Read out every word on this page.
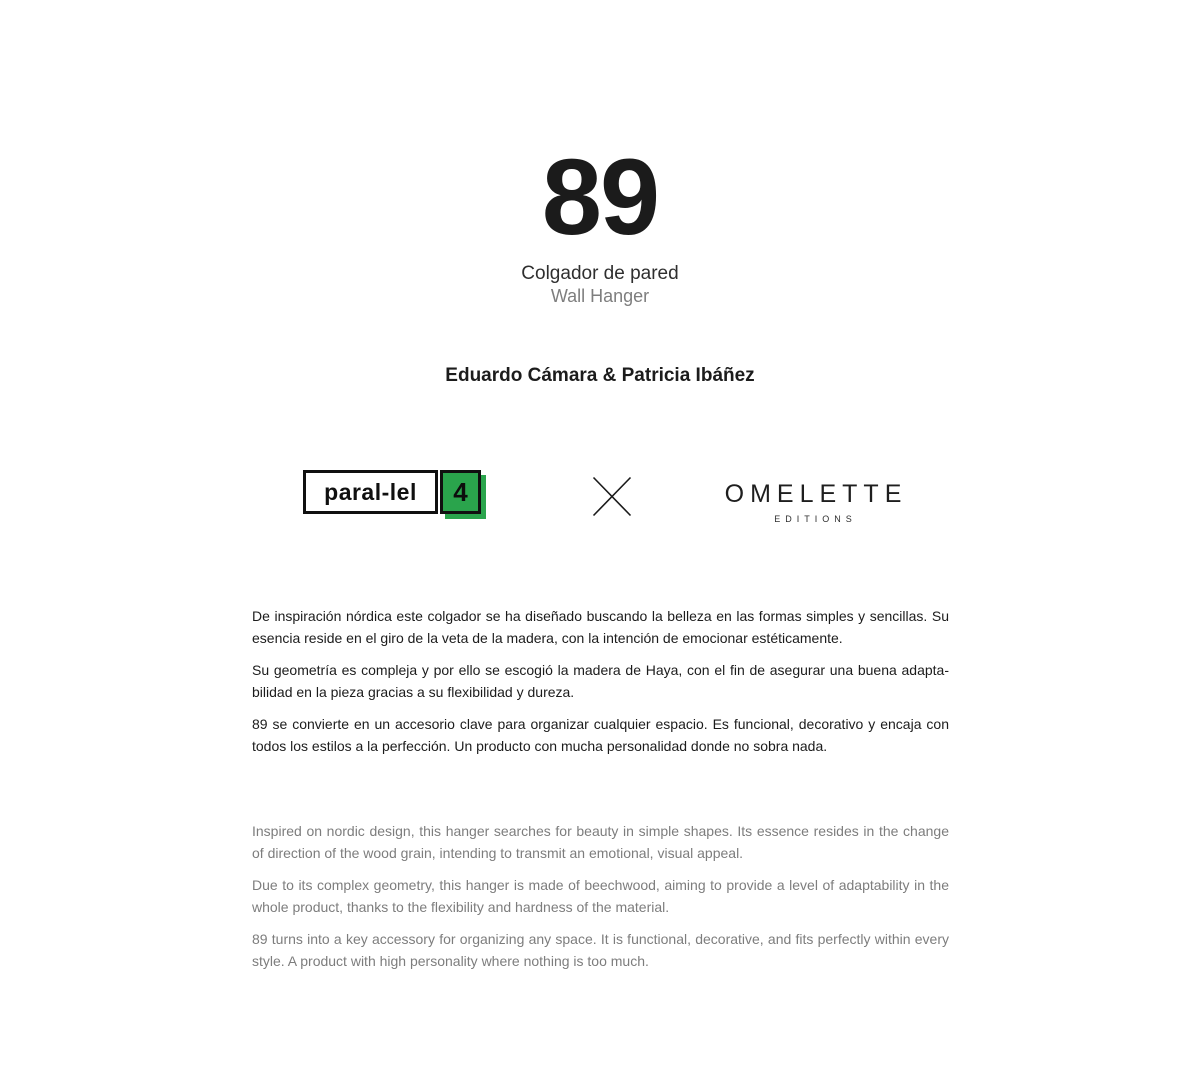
89
Colgador de pared
Wall Hanger
Eduardo Cámara & Patricia Ibáñez
paral-lel	4	OMELETTE
EDITIONS

De inspiración nórdica este colgador se ha diseñado buscando la belleza en las formas simples y sencillas. Su esencia reside en el giro de la veta de la madera, con la intención de emocionar estéticamente.

Su geometría es compleja y por ello se escogió la madera de Haya, con el fin de asegurar una buena adaptabilidad en la pieza gracias a su flexibilidad y dureza.

89 se convierte en un accesorio clave para organizar cualquier espacio. Es funcional, decorativo y encaja con todos los estilos a la perfección. Un producto con mucha personalidad donde no sobra nada.

Inspired on nordic design, this hanger searches for beauty in simple shapes. Its essence resides in the change of direction of the wood grain, intending to transmit an emotional, visual appeal.

Due to its complex geometry, this hanger is made of beechwood, aiming to provide a level of adaptability in the whole product, thanks to the flexibility and hardness of the material.

89 turns into a key accessory for organizing any space. It is functional, decorative, and fits perfectly within every style. A product with high personality where nothing is too much.
